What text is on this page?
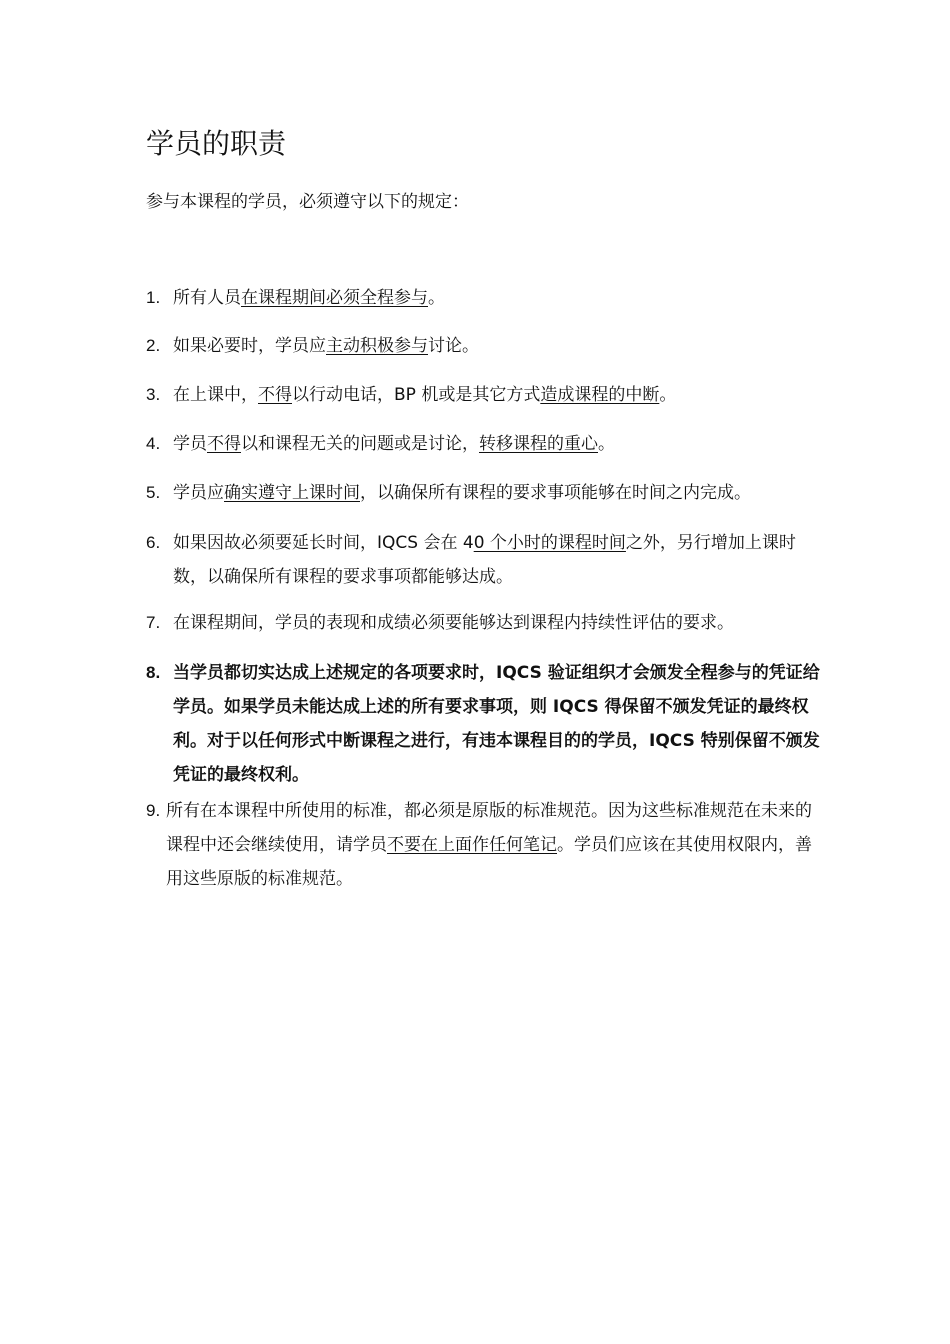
学员的职责

参与本课程的学员，必须遵守以下的规定：

1. 所有人员在课程期间必须全程参与。
2. 如果必要时，学员应主动积极参与讨论。
3. 在上课中，不得以行动电话，BP 机或是其它方式造成课程的中断。
4. 学员不得以和课程无关的问题或是讨论，转移课程的重心。
5. 学员应确实遵守上课时间，以确保所有课程的要求事项能够在时间之内完成。
6. 如果因故必须要延长时间，IQCS 会在 40 个小时的课程时间之外，另行增加上课时数，以确保所有课程的要求事项都能够达成。
7. 在课程期间，学员的表现和成绩必须要能够达到课程内持续性评估的要求。
8. 当学员都切实达成上述规定的各项要求时，IQCS 验证组织才会颁发全程参与的凭证给学员。如果学员未能达成上述的所有要求事项，则 IQCS 得保留不颁发凭证的最终权利。对于以任何形式中断课程之进行，有违本课程目的的学员，IQCS 特别保留不颁发凭证的最终权利。
9. 所有在本课程中所使用的标准，都必须是原版的标准规范。因为这些标准规范在未来的课程中还会继续使用，请学员不要在上面作任何笔记。学员们应该在其使用权限内，善用这些原版的标准规范。
